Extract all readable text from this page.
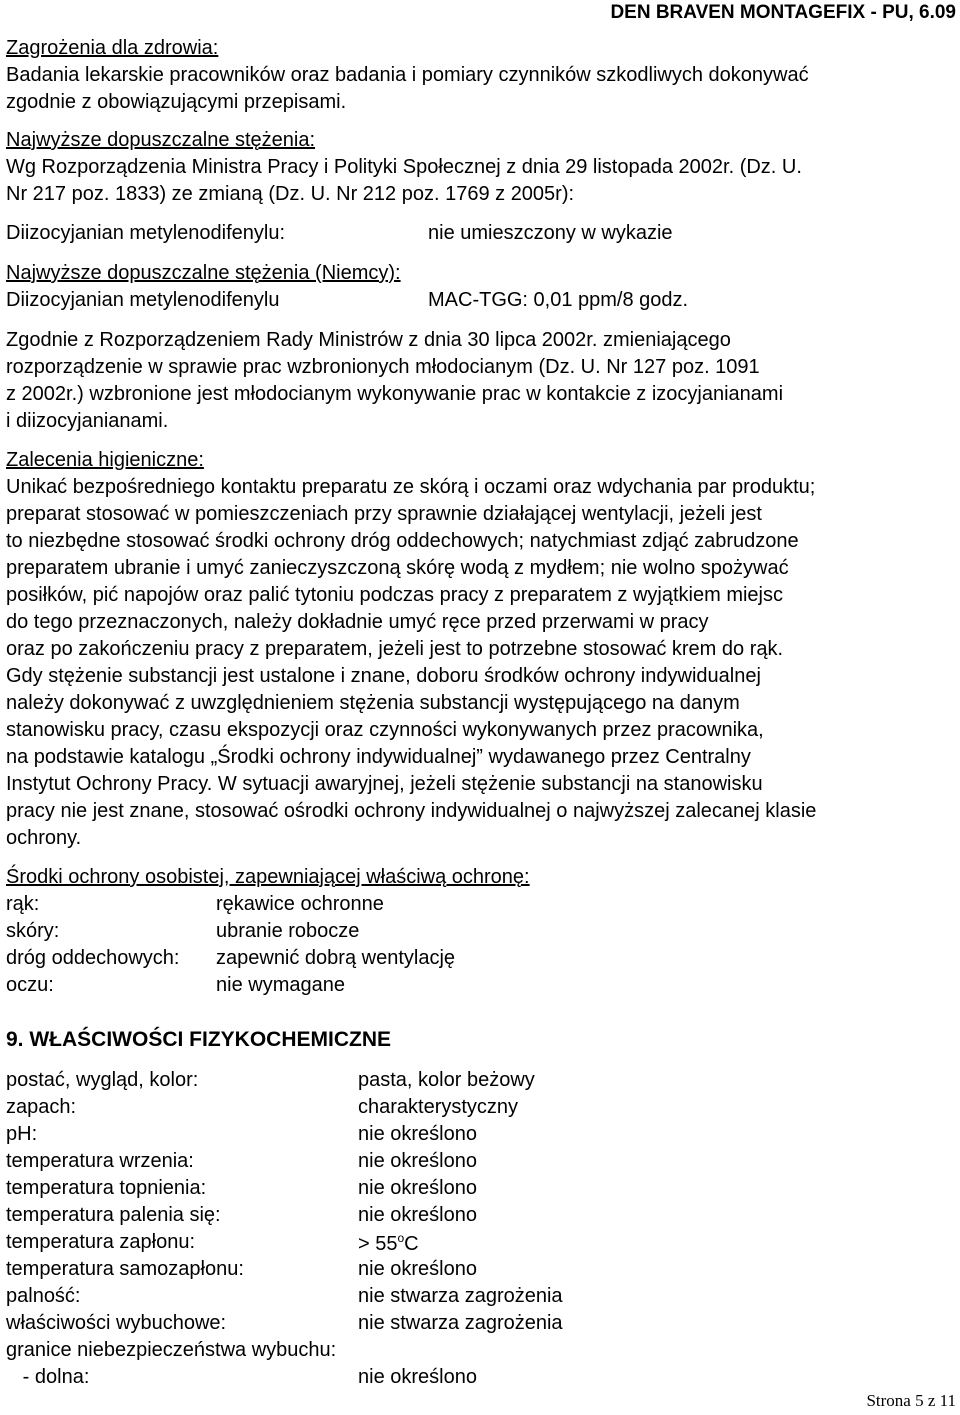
DEN BRAVEN MONTAGEFIX - PU, 6.09
Zagrożenia dla zdrowia:
Badania lekarskie pracowników oraz badania i pomiary czynników szkodliwych dokonywać
zgodnie z obowiązującymi przepisami.
Najwyższe dopuszczalne stężenia:
Wg Rozporządzenia Ministra Pracy i Polityki Społecznej z dnia 29 listopada 2002r. (Dz. U.
Nr 217 poz. 1833) ze zmianą (Dz. U. Nr 212 poz. 1769 z 2005r):
Diizocyjanian metylenodifenylu:	nie umieszczony w wykazie
Najwyższe dopuszczalne stężenia (Niemcy):
Diizocyjanian metylenodifenylu	MAC-TGG: 0,01 ppm/8 godz.
Zgodnie z Rozporządzeniem Rady Ministrów z dnia 30 lipca 2002r. zmieniającego
rozporządzenie w sprawie prac wzbronionych młodocianym (Dz. U. Nr 127 poz. 1091
z 2002r.) wzbronione jest młodocianym wykonywanie prac w kontakcie z izocyjanianami
i diizocyjanianami.
Zalecenia higieniczne:
Unikać bezpośredniego kontaktu preparatu ze skórą i oczami oraz wdychania par produktu;
preparat stosować w pomieszczeniach przy sprawnie działającej wentylacji, jeżeli jest
to niezbędne stosować środki ochrony dróg oddechowych; natychmiast zdjąć zabrudzone
preparatem ubranie i umyć zanieczyszczoną skórę wodą z mydłem; nie wolno spożywać
posiłków, pić napojów oraz palić tytoniu podczas pracy z preparatem z wyjątkiem miejsc
do tego przeznaczonych, należy dokładnie umyć ręce przed przerwami w pracy
oraz po zakończeniu pracy z preparatem, jeżeli jest to potrzebne stosować krem do rąk.
Gdy stężenie substancji jest ustalone i znane, doboru środków ochrony indywidualnej
należy dokonywać z uwzględnieniem stężenia substancji występującego na danym
stanowisku pracy, czasu ekspozycji oraz czynności wykonywanych przez pracownika,
na podstawie katalogu „Środki ochrony indywidualnej” wydawanego przez Centralny
Instytut Ochrony Pracy. W sytuacji awaryjnej, jeżeli stężenie substancji na stanowisku
pracy nie jest znane, stosować ośrodki ochrony indywidualnej o najwyższej zalecanej klasie
ochrony.
Środki ochrony osobistej, zapewniającej właściwą ochronę:
rąk:	rękawice ochronne
skóry:	ubranie robocze
dróg oddechowych: zapewnić dobrą wentylację
oczu:	nie wymagane
9. WŁAŚCIWOŚCI FIZYKOCHEMICZNE
postać, wygląd, kolor:	pasta, kolor beżowy
zapach:	charakterystyczny
pH:	nie określono
temperatura wrzenia:	nie określono
temperatura topnienia:	nie określono
temperatura palenia się:	nie określono
temperatura zapłonu:	> $55^oC$
temperatura samozapłonu:	nie określono
palność:	nie stwarza zagrożenia
właściwości wybuchowe:	nie stwarza zagrożenia
granice niebezpieczeństwa wybuchu:
- dolna:	nie określono
Strona 5 z 11
